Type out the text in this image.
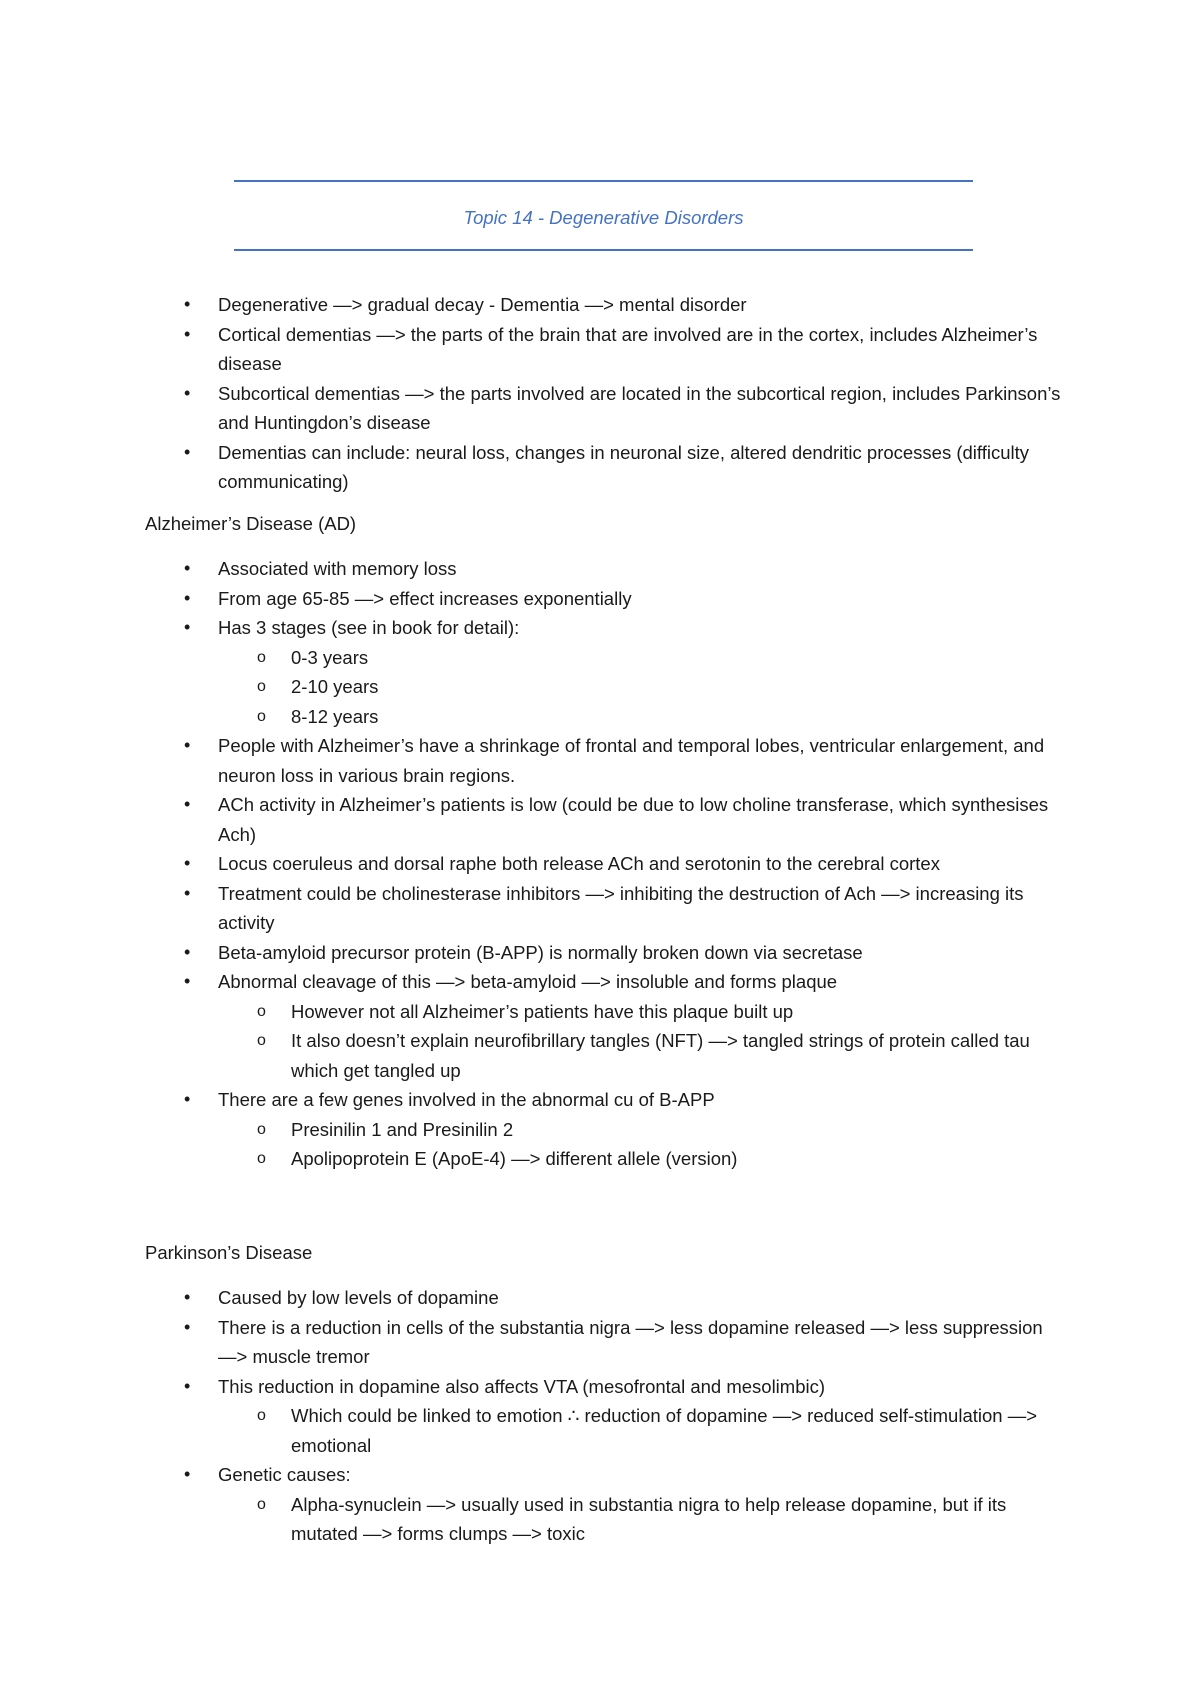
Topic 14 - Degenerative Disorders
•	Degenerative —> gradual decay - Dementia —> mental disorder
•	Cortical dementias —> the parts of the brain that are involved are in the cortex, includes Alzheimer’s disease
•	Subcortical dementias —> the parts involved are located in the subcortical region, includes Parkinson’s and Huntingdon’s disease
•	Dementias can include: neural loss, changes in neuronal size, altered dendritic processes (difficulty communicating)
Alzheimer’s Disease (AD)
•	Associated with memory loss
•	From age 65-85 —> effect increases exponentially
•	Has 3 stages (see in book for detail):
o 0-3 years
o 2-10 years
o 8-12 years
•	People with Alzheimer’s have a shrinkage of frontal and temporal lobes, ventricular enlargement, and neuron loss in various brain regions.
•	ACh activity in Alzheimer’s patients is low (could be due to low choline transferase, which synthesises Ach)
•	Locus coeruleus and dorsal raphe both release ACh and serotonin to the cerebral cortex
•	Treatment could be cholinesterase inhibitors —> inhibiting the destruction of Ach —> increasing its activity
•	Beta-amyloid precursor protein (B-APP) is normally broken down via secretase
•	Abnormal cleavage of this —> beta-amyloid —> insoluble and forms plaque
o However not all Alzheimer’s patients have this plaque built up
o It also doesn’t explain neurofibrillary tangles (NFT) —> tangled strings of protein called tau which get tangled up
•	There are a few genes involved in the abnormal cu of B-APP
o Presinilin 1 and Presinilin 2
o Apolipoprotein E (ApoE-4) —> different allele (version)
Parkinson’s Disease
•	Caused by low levels of dopamine
•	There is a reduction in cells of the substantia nigra —> less dopamine released —> less suppression —> muscle tremor
•	This reduction in dopamine also affects VTA (mesofrontal and mesolimbic)
o Which could be linked to emotion ∴ reduction of dopamine —> reduced self-stimulation —> emotional
•	Genetic causes:
o Alpha-synuclein —> usually used in substantia nigra to help release dopamine, but if its mutated —> forms clumps —> toxic
